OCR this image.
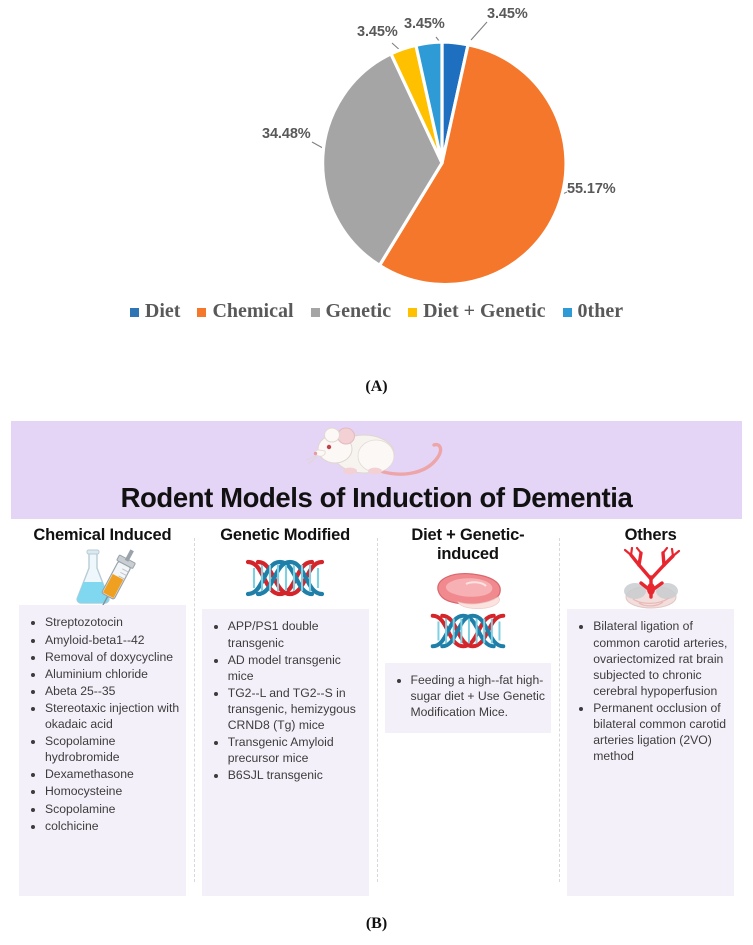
3.45%
3.45%
3.45%
34.48%
55.17%
Diet Chemical Genetic Diet + Genetic 0ther
(A)
Rodent Models of Induction of Dementia
Chemical Induced
• Streptozotocin
• Amyloid-beta1--42
• Removal of doxycycline
• Aluminium chloride
• Abeta 25--35
• Stereotaxic injection with okadaic acid
• Scopolamine hydrobromide
• Dexamethasone
• Homocysteine
• Scopolamine
• colchicine
Genetic Modified
• APP/PS1 double transgenic
• AD model transgenic mice
• TG2--L and TG2--S in transgenic, hemizygous CRND8 (Tg) mice
• Transgenic Amyloid precursor mice
• B6SJL transgenic
Diet + Genetic-induced
• Feeding a high--fat high-sugar diet + Use Genetic Modification Mice.
Others
• Bilateral ligation of common carotid arteries, ovariectomized rat brain subjected to chronic cerebral hypoperfusion
• Permanent occlusion of bilateral common carotid arteries ligation (2VO) method
(B)
